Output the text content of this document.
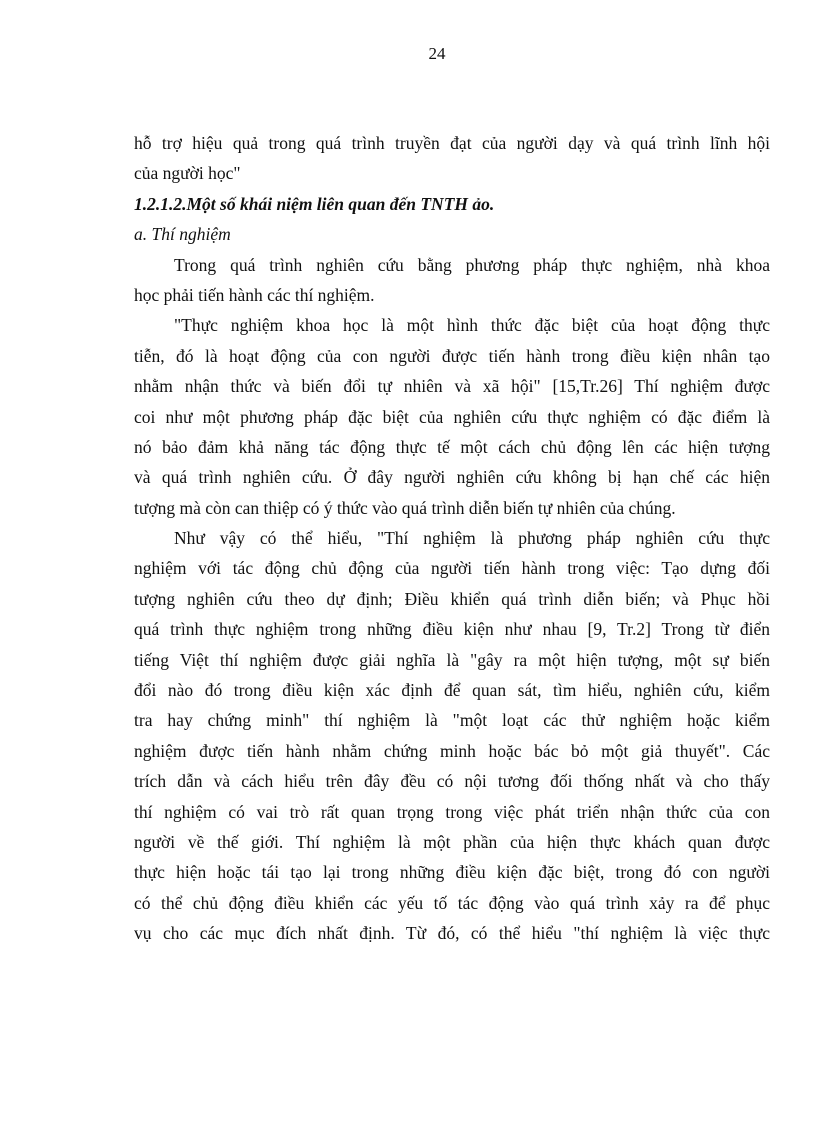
24
hỗ trợ hiệu quả trong quá trình truyền đạt của người dạy và quá trình lĩnh hội
của người học"
1.2.1.2.Một số khái niệm liên quan đến TNTH ảo.
a. Thí nghiệm
Trong quá trình nghiên cứu bằng phương pháp thực nghiệm, nhà khoa
học phải tiến hành các thí nghiệm.
"Thực nghiệm khoa học là một hình thức đặc biệt của hoạt động thực
tiễn, đó là hoạt động của con người được tiến hành trong điều kiện nhân tạo
nhằm nhận thức và biến đổi tự nhiên và xã hội" [15,Tr.26] Thí nghiệm được
coi như một phương pháp đặc biệt của nghiên cứu thực nghiệm có đặc điểm là
nó bảo đảm khả năng tác động thực tế một cách chủ động lên các hiện tượng
và quá trình nghiên cứu. Ở đây người nghiên cứu không bị hạn chế các hiện
tượng mà còn can thiệp có ý thức vào quá trình diễn biến tự nhiên của chúng.
Như vậy có thể hiểu, "Thí nghiệm là phương pháp nghiên cứu thực
nghiệm với tác động chủ động của người tiến hành trong việc: Tạo dựng đối
tượng nghiên cứu theo dự định; Điều khiển quá trình diễn biến; và Phục hồi
quá trình thực nghiệm trong những điều kiện như nhau [9, Tr.2] Trong từ điển
tiếng Việt thí nghiệm được giải nghĩa là "gây ra một hiện tượng, một sự biến
đổi nào đó trong điều kiện xác định để quan sát, tìm hiểu, nghiên cứu, kiểm
tra hay chứng minh" thí nghiệm là "một loạt các thử nghiệm hoặc kiểm
nghiệm được tiến hành nhằm chứng minh hoặc bác bỏ một giả thuyết". Các
trích dẫn và cách hiểu trên đây đều có nội tương đối thống nhất và cho thấy
thí nghiệm có vai trò rất quan trọng trong việc phát triển nhận thức của con
người về thế giới. Thí nghiệm là một phần của hiện thực khách quan được
thực hiện hoặc tái tạo lại trong những điều kiện đặc biệt, trong đó con người
có thể chủ động điều khiển các yếu tố tác động vào quá trình xảy ra để phục
vụ cho các mục đích nhất định. Từ đó, có thể hiểu "thí nghiệm là việc thực
